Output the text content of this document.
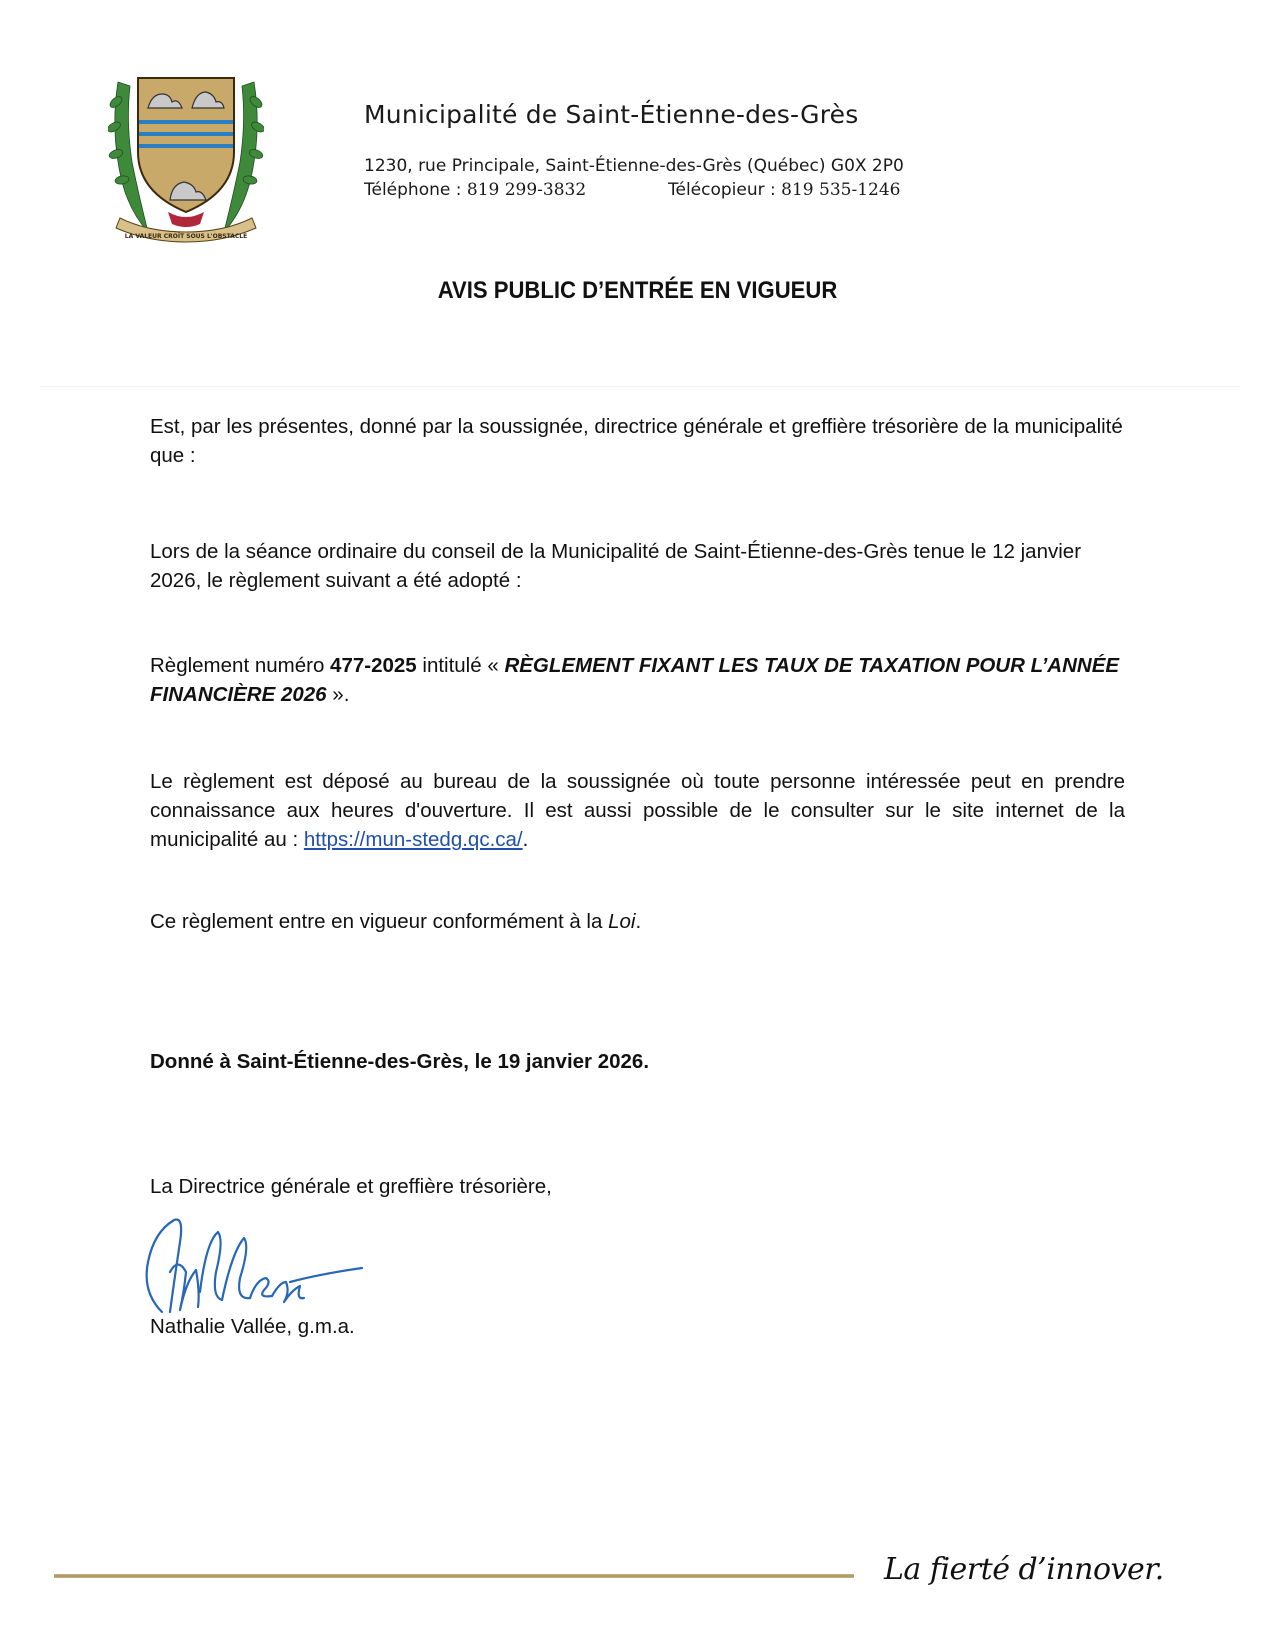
LA VALEUR CROÎT SOUS L'OBSTACLE
Municipalité de Saint-Étienne-des-Grès
1230, rue Principale, Saint-Étienne-des-Grès (Québec) G0X 2P0
Téléphone : 819 299-3832	Télécopieur : 819 535-1246
AVIS PUBLIC D’ENTRÉE EN VIGUEUR
Est, par les présentes, donné par la soussignée, directrice générale et greffière trésorière de la municipalité que :
Lors de la séance ordinaire du conseil de la Municipalité de Saint-Étienne-des-Grès tenue le 12 janvier 2026, le règlement suivant a été adopté :
Règlement numéro 477-2025 intitulé « RÈGLEMENT FIXANT LES TAUX DE TAXATION POUR L’ANNÉE FINANCIÈRE 2026 ».
Le règlement est déposé au bureau de la soussignée où toute personne intéressée peut en prendre connaissance aux heures d'ouverture. Il est aussi possible de le consulter sur le site internet de la municipalité au : https://mun-stedg.qc.ca/.
Ce règlement entre en vigueur conformément à la Loi.
Donné à Saint-Étienne-des-Grès, le 19 janvier 2026.
La Directrice générale et greffière trésorière,
Nathalie Vallée, g.m.a.
La fierté d’innover.
